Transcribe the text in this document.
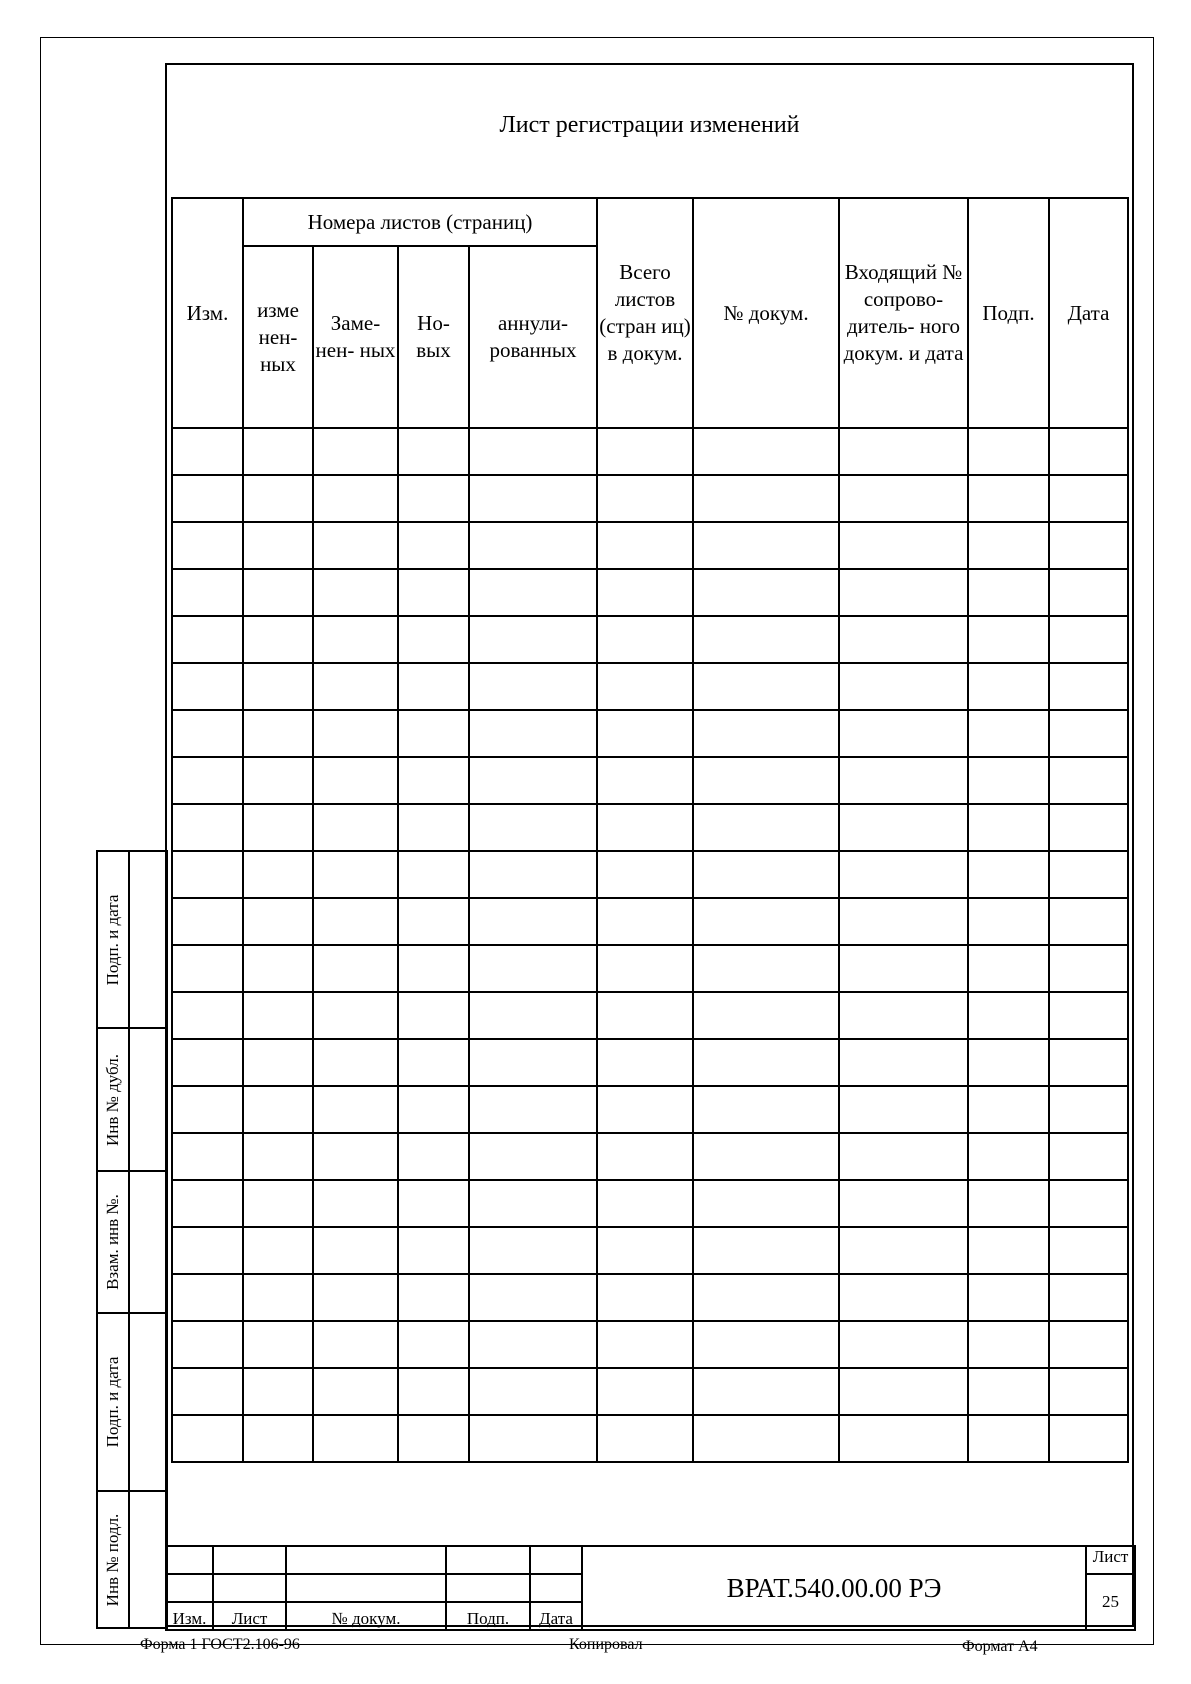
Лист регистрации изменений
Изм.	Номера листов (страниц)				Всего листов (стран иц) в докум.	№ докум.	Входящий № сопрово- дитель- ного докум. и дата	Подп.	Дата
	изме нен- ных	Заме- нен- ных	Но- вых	аннули- рованных					

Подп. и дата	

Инв № дубл.	

Взам. инв №.	

Подп. и дата	

Инв № подл.	

						ВРАТ.540.00.00 РЭ	Лист
						25
Изм.	Лист	№ докум.	Подп.	Дата		
Форма 1 ГОСТ2.106-96	Копировал	Формат А4
